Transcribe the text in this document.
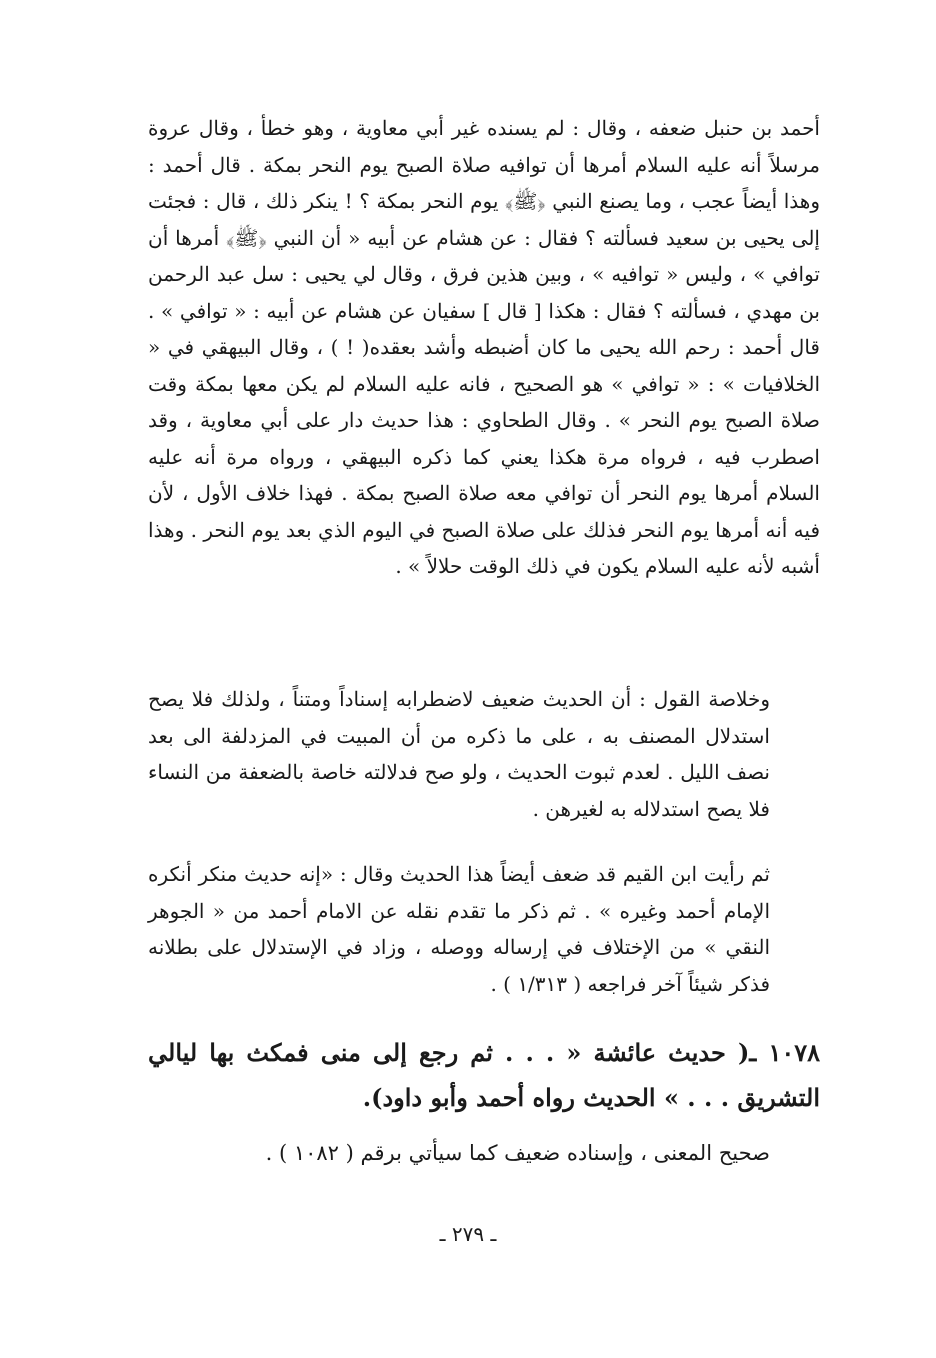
أحمد بن حنبل ضعفه ، وقال : لم يسنده غير أبي معاوية ، وهو خطأ ، وقال عروة مرسلاً أنه عليه السلام أمرها أن توافيه صلاة الصبح يوم النحر بمكة . قال أحمد : وهذا أيضاً عجب ، وما يصنع النبي ﴿ﷺ﴾ يوم النحر بمكة ؟ ! ينكر ذلك ، قال : فجئت إلى يحيى بن سعيد فسألته ؟ فقال : عن هشام عن أبيه « أن النبي ﴿ﷺ﴾ أمرها أن توافي » ، وليس « توافيه » ، وبين هذين فرق ، وقال لي يحيى : سل عبد الرحمن بن مهدي ، فسألته ؟ فقال : هكذا [ قال ] سفيان عن هشام عن أبيه : « توافي » . قال أحمد : رحم الله يحيى ما كان أضبطه وأشد بعقده( ! ) ، وقال البيهقي في « الخلافيات » : « توافي » هو الصحيح ، فانه عليه السلام لم يكن معها بمكة وقت صلاة الصبح يوم النحر » . وقال الطحاوي : هذا حديث دار على أبي معاوية ، وقد اصطرب فيه ، فرواه مرة هكذا يعني كما ذكره البيهقي ، ورواه مرة أنه عليه السلام أمرها يوم النحر أن توافي معه صلاة الصبح بمكة . فهذا خلاف الأول ، لأن فيه أنه أمرها يوم النحر فذلك على صلاة الصبح في اليوم الذي بعد يوم النحر . وهذا أشبه لأنه عليه السلام يكون في ذلك الوقت حلالاً » .

وخلاصة القول : أن الحديث ضعيف لاضطرابه إسناداً ومتناً ، ولذلك فلا يصح استدلال المصنف به ، على ما ذكره من أن المبيت في المزدلفة الى بعد نصف الليل . لعدم ثبوت الحديث ، ولو صح فدلالته خاصة بالضعفة من النساء فلا يصح استدلاله به لغيرهن .

ثم رأيت ابن القيم قد ضعف أيضاً هذا الحديث وقال : «إنه حديث منكر أنكره الإمام أحمد وغيره » . ثم ذكر ما تقدم نقله عن الامام أحمد من « الجوهر النقي » من الإختلاف في إرساله ووصله ، وزاد في الإستدلال على بطلانه فذكر شيئاً آخر فراجعه ( ١/٣١٣ ) .

١٠٧٨ ـ( حديث عائشة « . . . ثم رجع إلى منى فمكث بها ليالي التشريق . . . » الحديث رواه أحمد وأبو داود).

صحيح المعنى ، وإسناده ضعيف كما سيأتي برقم ( ١٠٨٢ ) .

ـ ٢٧٩ ـ
